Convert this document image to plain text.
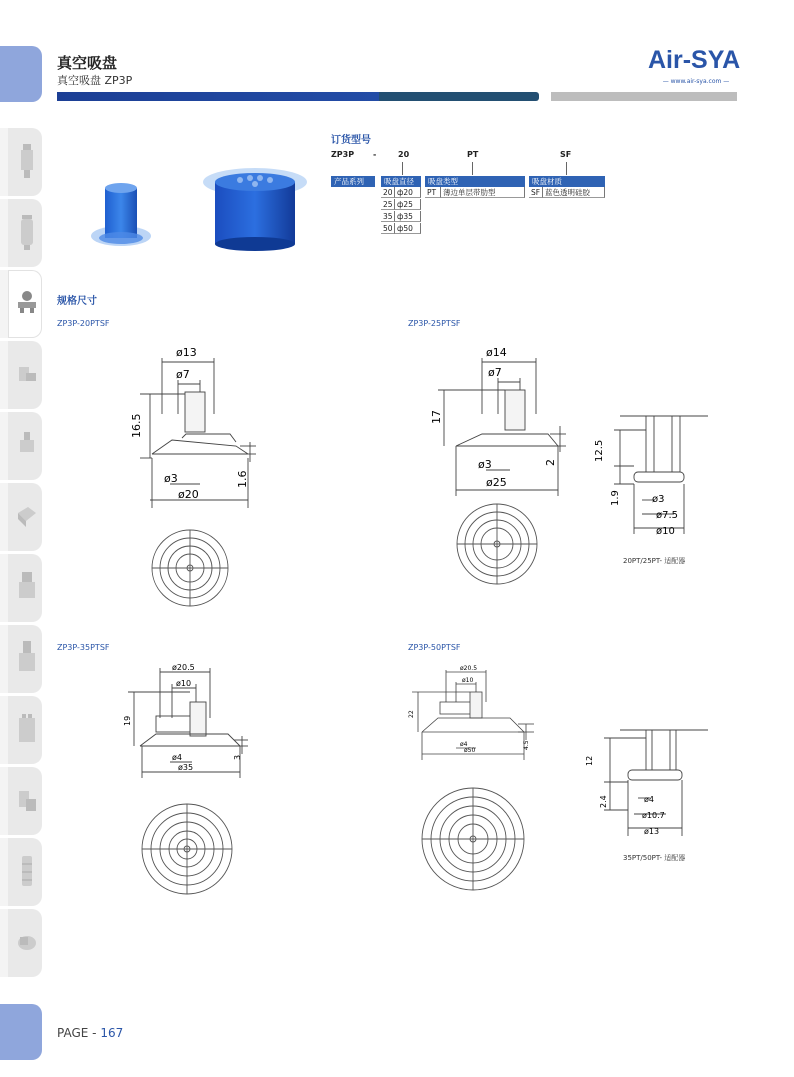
真空吸盘
真空吸盘 ZP3P
Air-SYA
— www.air-sya.com —
订货型号
ZP3P -	20	PT	SF
产品系列	吸盘直径	吸盘类型	吸盘材质
20 ф20
25 ф25
35 ф35
50 ф50
PT 薄边单层带肋型	SF 蓝色透明硅胶
规格尺寸
ZP3P-20PTSF	ZP3P-25PTSF
ZP3P-35PTSF	ZP3P-50PTSF
ø13
ø7
16.5
1.6
ø3
ø20
ø14
ø7
17
2
ø3
ø25
12.5
1.9	ø3
ø7.5
ø10
20PT/25PT- 适配器
ø20.5
ø10
19
3
ø4
ø35
ø20.5
ø10
22
4.5
ø4
ø50
12
2.4	ø4
ø10.7
ø13
35PT/50PT- 适配器
PAGE - 167
